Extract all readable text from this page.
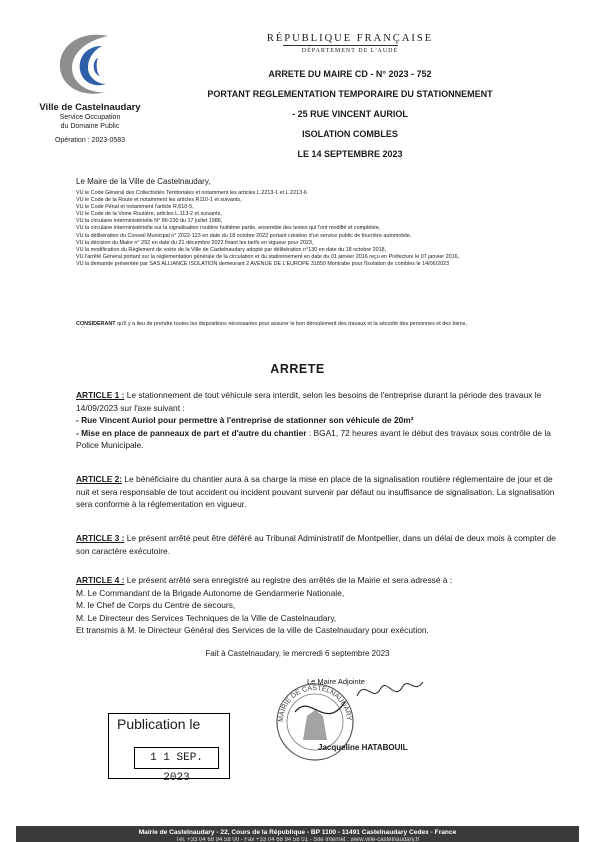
Ville de Castelnaudary
Service Occupation
du Domaine Public
Opération : 2023-0583
RÉPUBLIQUE FRANÇAISE
DÉPARTEMENT DE L'AUDE
ARRETE DU MAIRE CD - N° 2023 - 752
PORTANT REGLEMENTATION TEMPORAIRE DU STATIONNEMENT
- 25 RUE VINCENT AURIOL
ISOLATION COMBLES
LE 14 SEPTEMBRE 2023
Le Maire de la Ville de Castelnaudary,
VU le Code Général des Collectivités Territoriales et notamment les articles L.2213-1 et L.2213-6
VU le Code de la Route et notamment les articles R110-1 et suivants,
VU le Code Pénal et notamment l'article R.610-5,
VU le Code de la Voirie Routière, articles L.113-2 et suivants,
VU la circulaire interministérielle N° 86-230 du 17 juillet 1986,
VU la circulaire interministérielle sur la signalisation routière huitième partie, ensemble des textes qui l'ont modifié et complétée,
VU la délibération du Conseil Municipal n° 2022-123 en date du 18 octobre 2022 portant création d'un service public de fourrière automobile,
VU la décision du Maire n° 292 en date du 21 décembre 2022 fixant les tarifs en vigueur pour 2023,
VU la modification du Règlement de voirie de la Ville de Castelnaudary adopté par délibération n°130 en date du 18 octobre 2018,
VU l'arrêté Général portant sur la réglementation générale de la circulation et du stationnement en date du 01 janvier 2016 reçu en Préfecture le 07 janvier 2016,
VU la demande présentée par SAS ALLIANCE ISOLATION demeurant 2 AVENUE DE L'EUROPE 31850 Montrabe pour l'isolation de combles le 14/06/2023
CONSIDERANT qu'il y a lieu de prendre toutes les dispositions nécessaires pour assurer le bon déroulement des travaux et la sécurité des personnes et des biens,
ARRETE

ARTICLE 1 : Le stationnement de tout véhicule sera interdit, selon les besoins de l'entreprise durant la période des travaux le 14/09/2023 sur l'axe suivant :

- Rue Vincent Auriol pour permettre à l'entreprise de stationner son véhicule de 20m²

- Mise en place de panneaux de part et d'autre du chantier : BGA1, 72 heures avant le début des travaux sous contrôle de la Police Municipale.

ARTICLE 2: Le bénéficiaire du chantier aura à sa charge la mise en place de la signalisation routière réglementaire de jour et de nuit et sera responsable de tout accident ou incident pouvant survenir par défaut ou insuffisance de signalisation. La signalisation sera conforme à la réglementation en vigueur.

ARTICLE 3 : Le présent arrêté peut être déféré au Tribunal Administratif de Montpellier, dans un délai de deux mois à compter de son caractère exécutoire.

ARTICLE 4 : Le présent arrêté sera enregistré au registre des arrêtés de la Mairie et sera adressé à :

M. Le Commandant de la Brigade Autonome de Gendarmerie Nationale,

M. le Chef de Corps du Centre de secours,

M. Le Directeur des Services Techniques de la Ville de Castelnaudary,

Et transmis à M. le Directeur Général des Services de la ville de Castelnaudary pour exécution.

Fait à Castelnaudary, le mercredi 6 septembre 2023
MAIRIE DE CASTELNAUDARY
Le Maire Adjointe
Jacqueline HATABOUIL
Publication le
1 1 SEP. 2023
Mairie de Castelnaudary - 22, Cours de la République - BP 1100 - 11491 Castelnaudary Cedex - France
Tél. +33 04 68 94 58 00 - Fax +33 04 68 94 58 01 - Site Internet : www.ville-castelnaudary.fr
